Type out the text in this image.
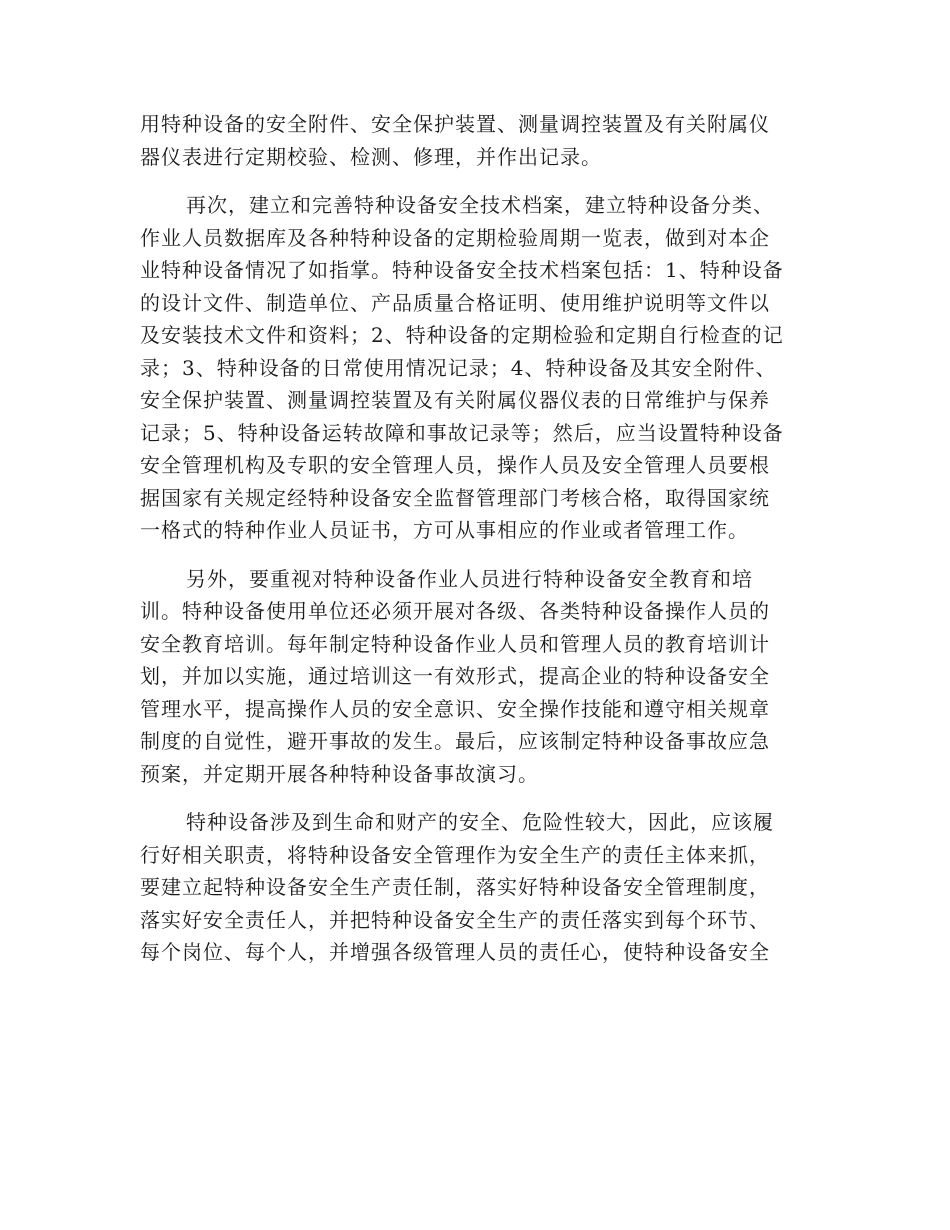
用特种设备的安全附件、安全保护装置、测量调控装置及有关附属仪
器仪表进行定期校验、检测、修理，并作出记录。
再次，建立和完善特种设备安全技术档案，建立特种设备分类、
作业人员数据库及各种特种设备的定期检验周期一览表，做到对本企
业特种设备情况了如指掌。特种设备安全技术档案包括：1、特种设备
的设计文件、制造单位、产品质量合格证明、使用维护说明等文件以
及安装技术文件和资料；2、特种设备的定期检验和定期自行检查的记
录；3、特种设备的日常使用情况记录；4、特种设备及其安全附件、
安全保护装置、测量调控装置及有关附属仪器仪表的日常维护与保养
记录；5、特种设备运转故障和事故记录等；然后，应当设置特种设备
安全管理机构及专职的安全管理人员，操作人员及安全管理人员要根
据国家有关规定经特种设备安全监督管理部门考核合格，取得国家统
一格式的特种作业人员证书，方可从事相应的作业或者管理工作。
另外，要重视对特种设备作业人员进行特种设备安全教育和培
训。特种设备使用单位还必须开展对各级、各类特种设备操作人员的
安全教育培训。每年制定特种设备作业人员和管理人员的教育培训计
划，并加以实施，通过培训这一有效形式，提高企业的特种设备安全
管理水平，提高操作人员的安全意识、安全操作技能和遵守相关规章
制度的自觉性，避开事故的发生。最后，应该制定特种设备事故应急
预案，并定期开展各种特种设备事故演习。
特种设备涉及到生命和财产的安全、危险性较大，因此，应该履
行好相关职责，将特种设备安全管理作为安全生产的责任主体来抓，
要建立起特种设备安全生产责任制，落实好特种设备安全管理制度，
落实好安全责任人，并把特种设备安全生产的责任落实到每个环节、
每个岗位、每个人，并增强各级管理人员的责任心，使特种设备安全
